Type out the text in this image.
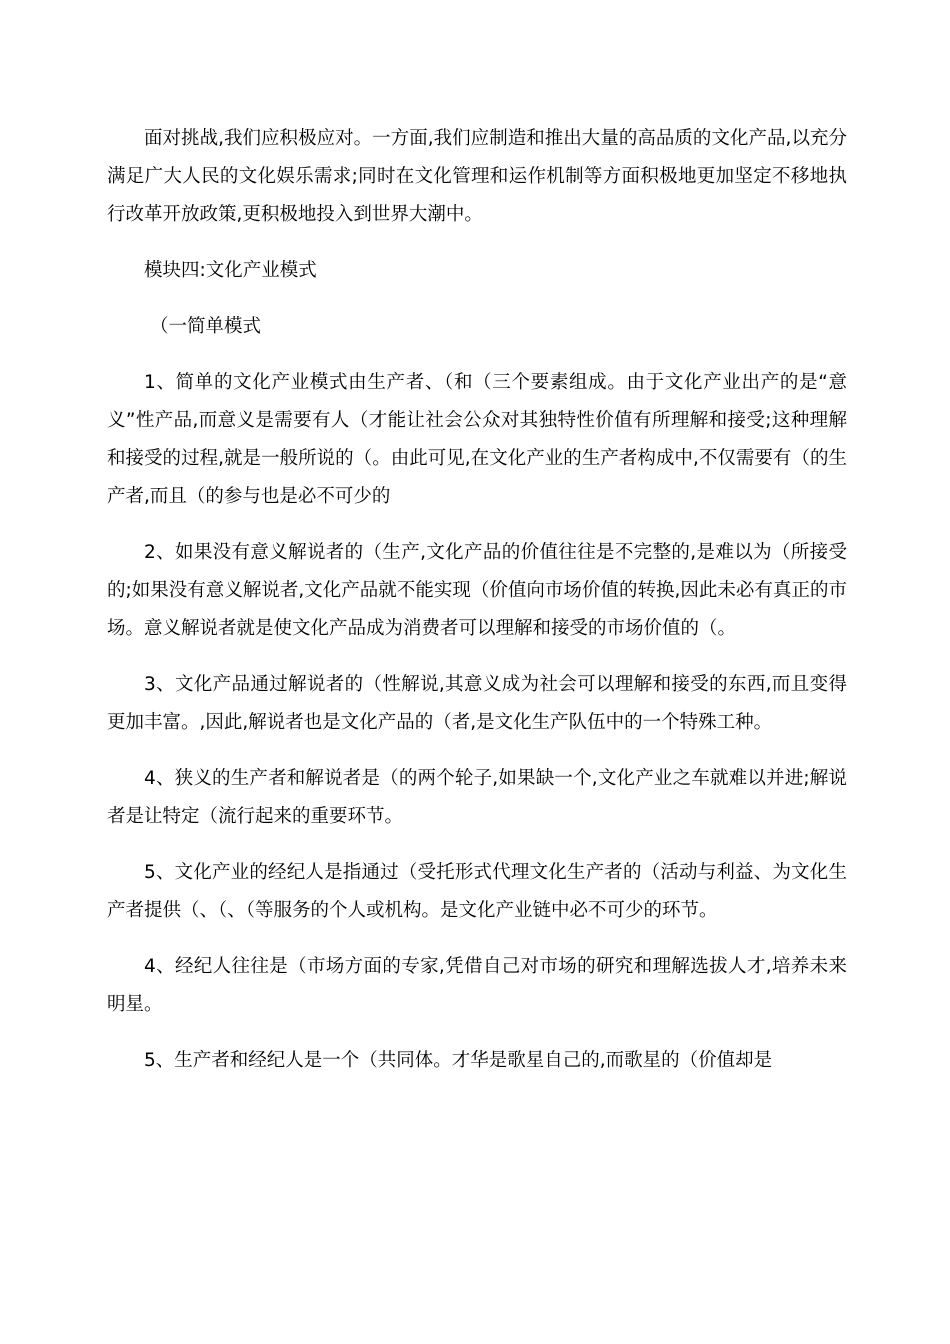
面对挑战,我们应积极应对。一方面,我们应制造和推出大量的高品质的文化产品,以充分满足广大人民的文化娱乐需求;同时在文化管理和运作机制等方面积极地更加坚定不移地执行改革开放政策,更积极地投入到世界大潮中。

模块四:文化产业模式

（一简单模式

1、简单的文化产业模式由生产者、（和（三个要素组成。由于文化产业出产的是“意义”性产品,而意义是需要有人（才能让社会公众对其独特性价值有所理解和接受;这种理解和接受的过程,就是一般所说的（。由此可见,在文化产业的生产者构成中,不仅需要有（的生产者,而且（的参与也是必不可少的

2、如果没有意义解说者的（生产,文化产品的价值往往是不完整的,是难以为（所接受的;如果没有意义解说者,文化产品就不能实现（价值向市场价值的转换,因此未必有真正的市场。意义解说者就是使文化产品成为消费者可以理解和接受的市场价值的（。

3、文化产品通过解说者的（性解说,其意义成为社会可以理解和接受的东西,而且变得更加丰富。,因此,解说者也是文化产品的（者,是文化生产队伍中的一个特殊工种。

4、狭义的生产者和解说者是（的两个轮子,如果缺一个,文化产业之车就难以并进;解说者是让特定（流行起来的重要环节。

5、文化产业的经纪人是指通过（受托形式代理文化生产者的（活动与利益、为文化生产者提供（、（、（等服务的个人或机构。是文化产业链中必不可少的环节。

4、经纪人往往是（市场方面的专家,凭借自己对市场的研究和理解选拔人才,培养未来明星。

5、生产者和经纪人是一个（共同体。才华是歌星自己的,而歌星的（价值却是
